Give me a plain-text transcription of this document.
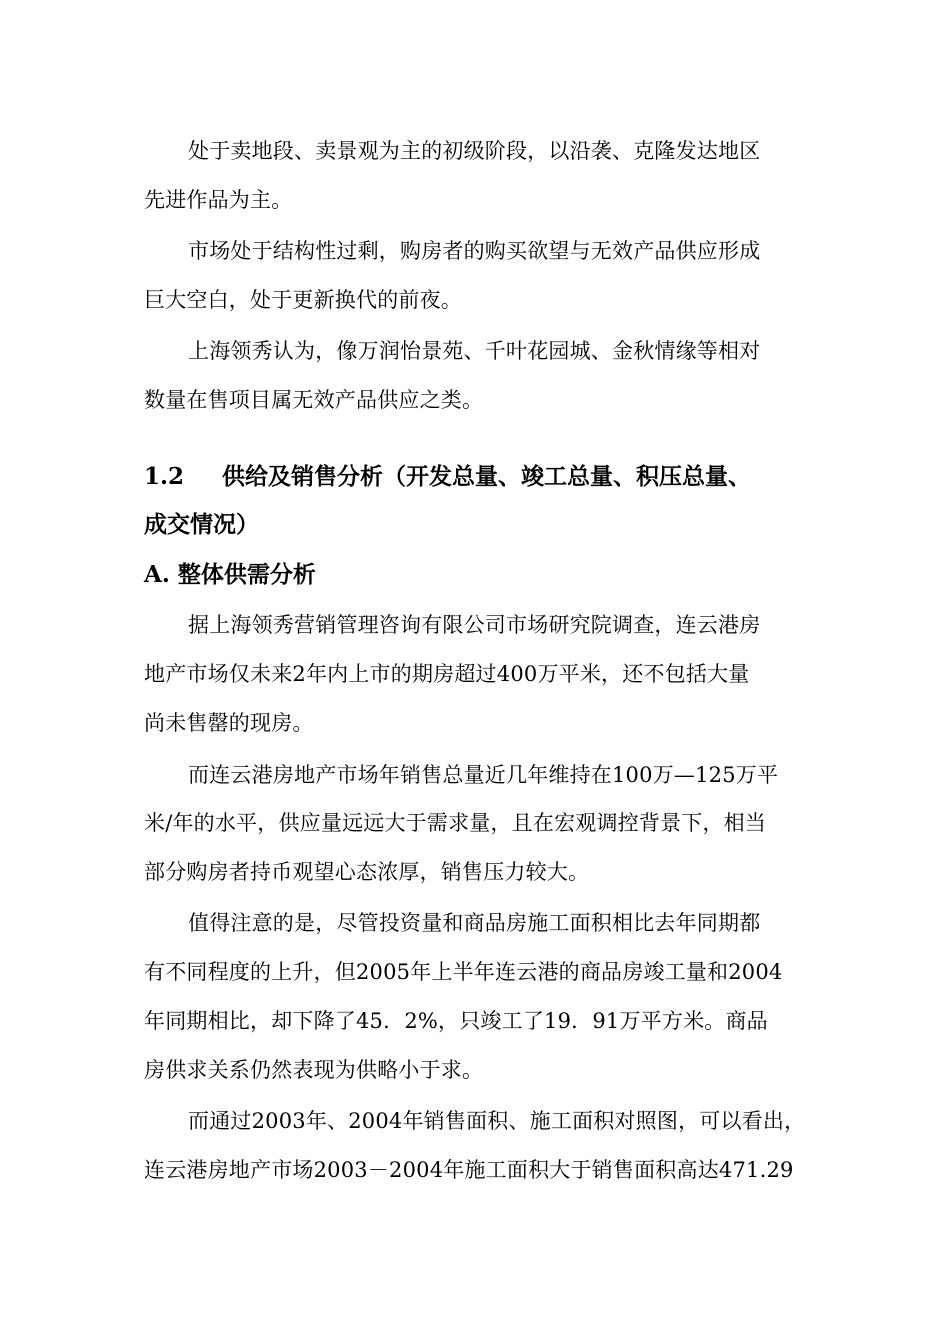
处于卖地段、卖景观为主的初级阶段，以沿袭、克隆发达地区

先进作品为主。

市场处于结构性过剩，购房者的购买欲望与无效产品供应形成

巨大空白，处于更新换代的前夜。

上海领秀认为，像万润怡景苑、千叶花园城、金秋情缘等相对

数量在售项目属无效产品供应之类。

1.2 供给及销售分析（开发总量、竣工总量、积压总量、
成交情况）
A. 整体供需分析

据上海领秀营销管理咨询有限公司市场研究院调查，连云港房

地产市场仅未来2年内上市的期房超过400万平米，还不包括大量

尚未售罄的现房。

而连云港房地产市场年销售总量近几年维持在100万—125万平

米/年的水平，供应量远远大于需求量，且在宏观调控背景下，相当

部分购房者持币观望心态浓厚，销售压力较大。

值得注意的是，尽管投资量和商品房施工面积相比去年同期都

有不同程度的上升，但2005年上半年连云港的商品房竣工量和2004

年同期相比，却下降了45．2%，只竣工了19．91万平方米。商品

房供求关系仍然表现为供略小于求。

而通过2003年、2004年销售面积、施工面积对照图，可以看出，

连云港房地产市场2003－2004年施工面积大于销售面积高达471.29
